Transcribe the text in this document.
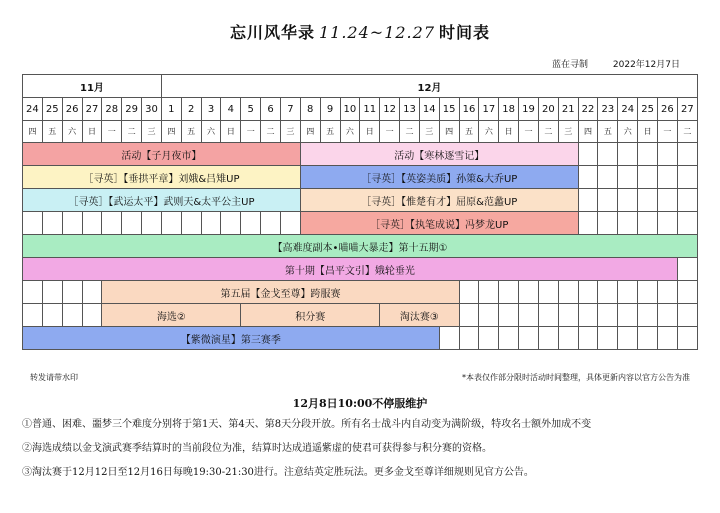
忘川风华录 11.24~12.27 时间表
蓝在寻制	2022年12月7日
11月							12月																										
24	25	26	27	28	29	30	1	2	3	4	5	6	7	8	9	10	11	12	13	14	15	16	17	18	19	20	21	22	23	24	25	26	27
四	五	六	日	一	二	三	四	五	六	日	一	二	三	四	五	六	日	一	二	三	四	五	六	日	一	二	三	四	五	六	日	一	二
活动【子月夜市】														活动【寒林逐雪记】																			
［寻英］【垂拱平章】刘娥&吕雉UP														［寻英］【英姿美质】孙策&大乔UP																			
［寻英］【武运太平】武则天&太平公主UP														［寻英］【惟楚有才】屈原&范蠡UP																			
														［寻英］【执笔成说】冯梦龙UP																			
【高难度副本•喵喵大暴走】第十五期①																																	
第十期【昌平文引】娥轮垂光																																	
				第五届【金戈至尊】跨服赛																													
				海选②							积分赛							淘汰赛③															
【紫微演星】第三赛季																																	
转发请带水印	*本表仅作部分限时活动时间整理，具体更新内容以官方公告为准
12月8日10:00不停服维护
①普通、困难、噩梦三个难度分别将于第1天、第4天、第8天分段开放。所有名士战斗内自动变为满阶级，特攻名士额外加成不变
②海选成绩以金戈演武赛季结算时的当前段位为准，结算时达成逍遥紫虚的使君可获得参与积分赛的资格。
③淘汰赛于12月12日至12月16日每晚19:30-21:30进行。注意结英定胜玩法。更多金戈至尊详细规则见官方公告。
